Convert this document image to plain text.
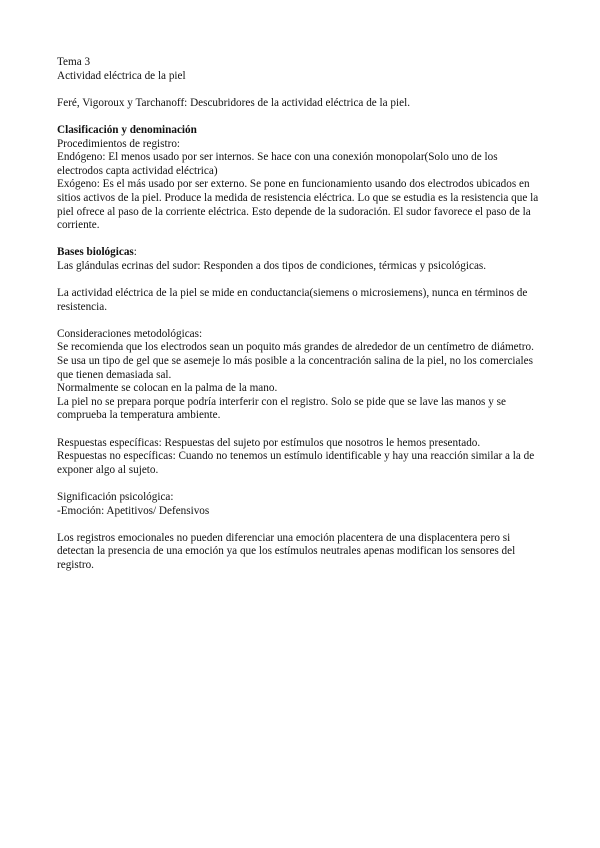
Tema 3

Actividad eléctrica de la piel

Feré, Vigoroux y Tarchanoff: Descubridores de la actividad eléctrica de la piel.

Clasificación y denominación

Procedimientos de registro:

Endógeno: El menos usado por ser internos. Se hace con una conexión monopolar(Solo uno de los electrodos capta actividad eléctrica)

Exógeno: Es el más usado por ser externo. Se pone en funcionamiento usando dos electrodos ubicados en sitios activos de la piel. Produce la medida de resistencia eléctrica. Lo que se estudia es la resistencia que la piel ofrece al paso de la corriente eléctrica. Esto depende de la sudoración. El sudor favorece el paso de la corriente.

Bases biológicas:

Las glándulas ecrinas del sudor: Responden a dos tipos de condiciones, térmicas y psicológicas.

La actividad eléctrica de la piel se mide en conductancia(siemens o microsiemens), nunca en términos de resistencia.

Consideraciones metodológicas:

Se recomienda que los electrodos sean un poquito más grandes de alrededor de un centímetro de diámetro.

Se usa un tipo de gel que se asemeje lo más posible a la concentración salina de la piel, no los comerciales que tienen demasiada sal.

Normalmente se colocan en la palma de la mano.

La piel no se prepara porque podría interferir con el registro. Solo se pide que se lave las manos y se comprueba la temperatura ambiente.

Respuestas específicas: Respuestas del sujeto por estímulos que nosotros le hemos presentado.

Respuestas no específicas: Cuando no tenemos un estímulo identificable y hay una reacción similar a la de exponer algo al sujeto.

Significación psicológica:

-Emoción: Apetitivos/ Defensivos

Los registros emocionales no pueden diferenciar una emoción placentera de una displacentera pero si detectan la presencia de una emoción ya que los estímulos neutrales apenas modifican los sensores del registro.
